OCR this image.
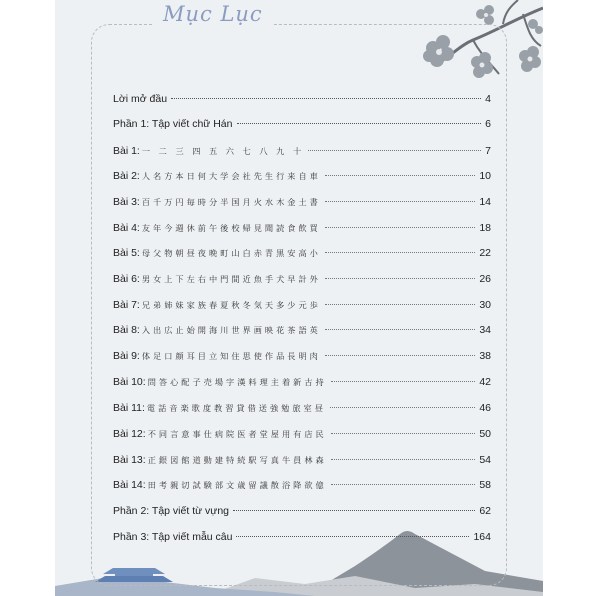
Mục Lục
Lời mở đầu	4
Phần 1: Tập viết chữ Hán	6
Bài 1: 一 二 三 四 五 六 七 八 九 十	7
Bài 2: 人名方本日何大学会社先生行来自車	10
Bài 3: 百千万円毎時分半国月火水木金土書	14
Bài 4: 友年今週休前午後校帰見聞読食飲買	18
Bài 5: 母父物朝昼夜晩町山白赤青黒安高小	22
Bài 6: 男女上下左右中門間近魚手犬早計外	26
Bài 7: 兄弟姉妹家族春夏秋冬気天多少元歩	30
Bài 8: 入出広止始開海川世界画映花茶語英	34
Bài 9: 体足口顔耳目立知住思使作品長明肉	38
Bài 10: 問答心配子売場字漢料理主着新古持	42
Bài 11: 電話音楽歌度教習貸借送強勉旅室昼	46
Bài 12: 不同言意事仕病院医者堂屋用有店民	50
Bài 13: 正銀図館道動建特続駅写真牛員林森	54
Bài 14: 田考親切試験部文歳留議散浴降欲億	58
Phần 2: Tập viết từ vựng	62
Phần 3: Tập viết mẫu câu	164
